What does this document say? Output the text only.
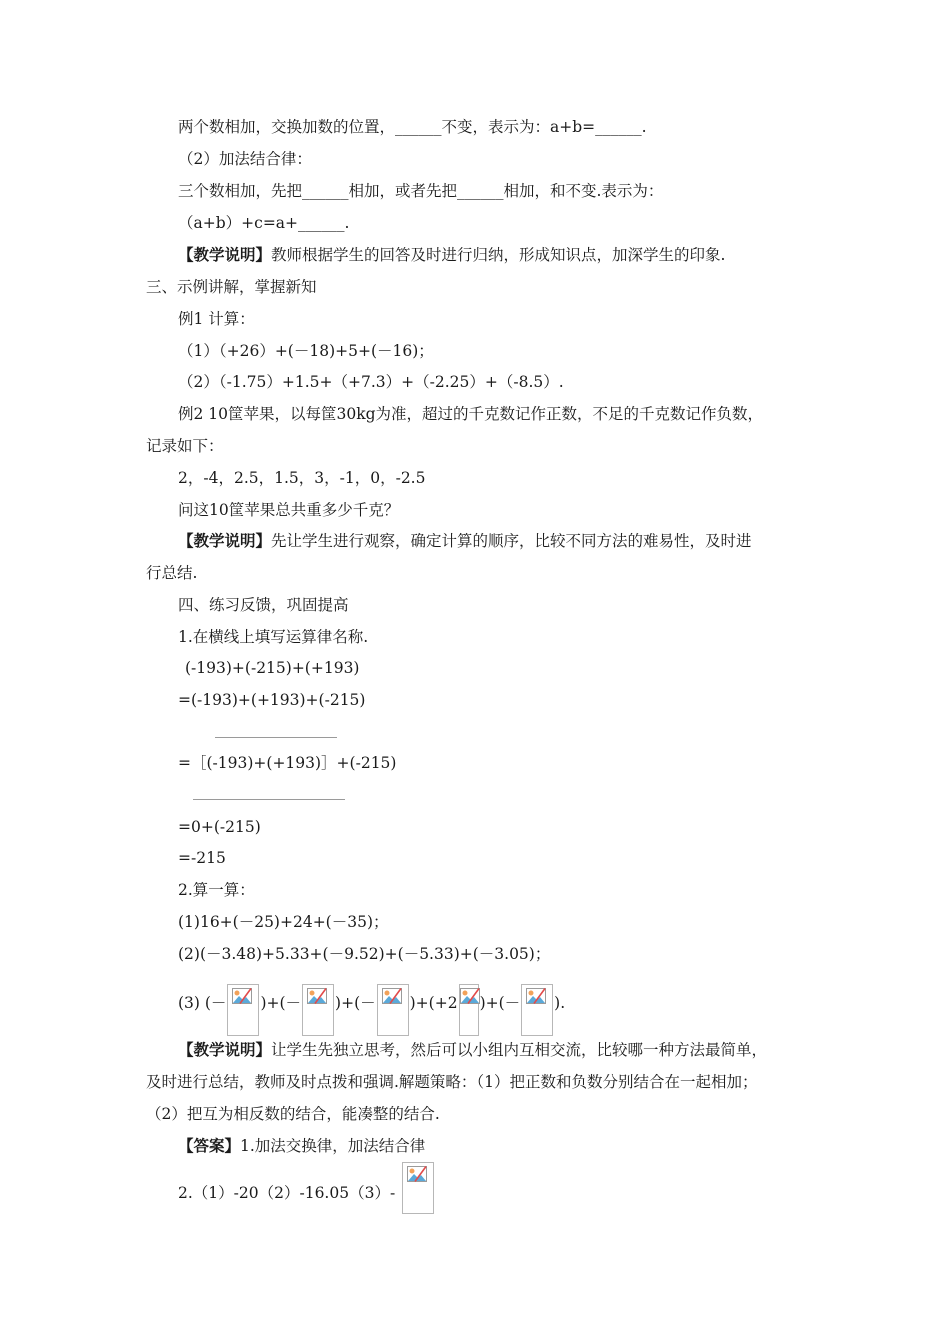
两个数相加，交换加数的位置，______不变，表示为：a+b=______.
（2）加法结合律：
三个数相加，先把______相加，或者先把______相加，和不变.表示为：
（a+b）+c=a+______.
【教学说明】教师根据学生的回答及时进行归纳，形成知识点，加深学生的印象.
三、示例讲解，掌握新知
例1 计算：
（1）（+26）+(－18)+5+(－16)；
（2）（-1.75）+1.5+（+7.3）+（-2.25）+（-8.5）.
例2 10筐苹果，以每筐30kg为准，超过的千克数记作正数，不足的千克数记作负数，
记录如下：
2，-4，2.5，1.5，3，-1，0，-2.5
问这10筐苹果总共重多少千克？
【教学说明】先让学生进行观察，确定计算的顺序，比较不同方法的难易性，及时进
行总结.
四、练习反馈，巩固提高
1.在横线上填写运算律名称.
(-193)+(-215)+(+193)
=(-193)+(+193)+(-215)
=［(-193)+(+193)］+(-215)
=0+(-215)
=-215
2.算一算：
(1)16+(－25)+24+(－35)；
(2)(－3.48)+5.33+(－9.52)+(－5.33)+(－3.05)；
(3) (－ )+(－ )+(－ )+(+2 )+(－ ).
【教学说明】让学生先独立思考，然后可以小组内互相交流，比较哪一种方法最简单，
及时进行总结，教师及时点拨和强调.解题策略：（1）把正数和负数分别结合在一起相加；
（2）把互为相反数的结合，能凑整的结合.
【答案】1.加法交换律，加法结合律
2.（1）-20（2）-16.05（3）-
